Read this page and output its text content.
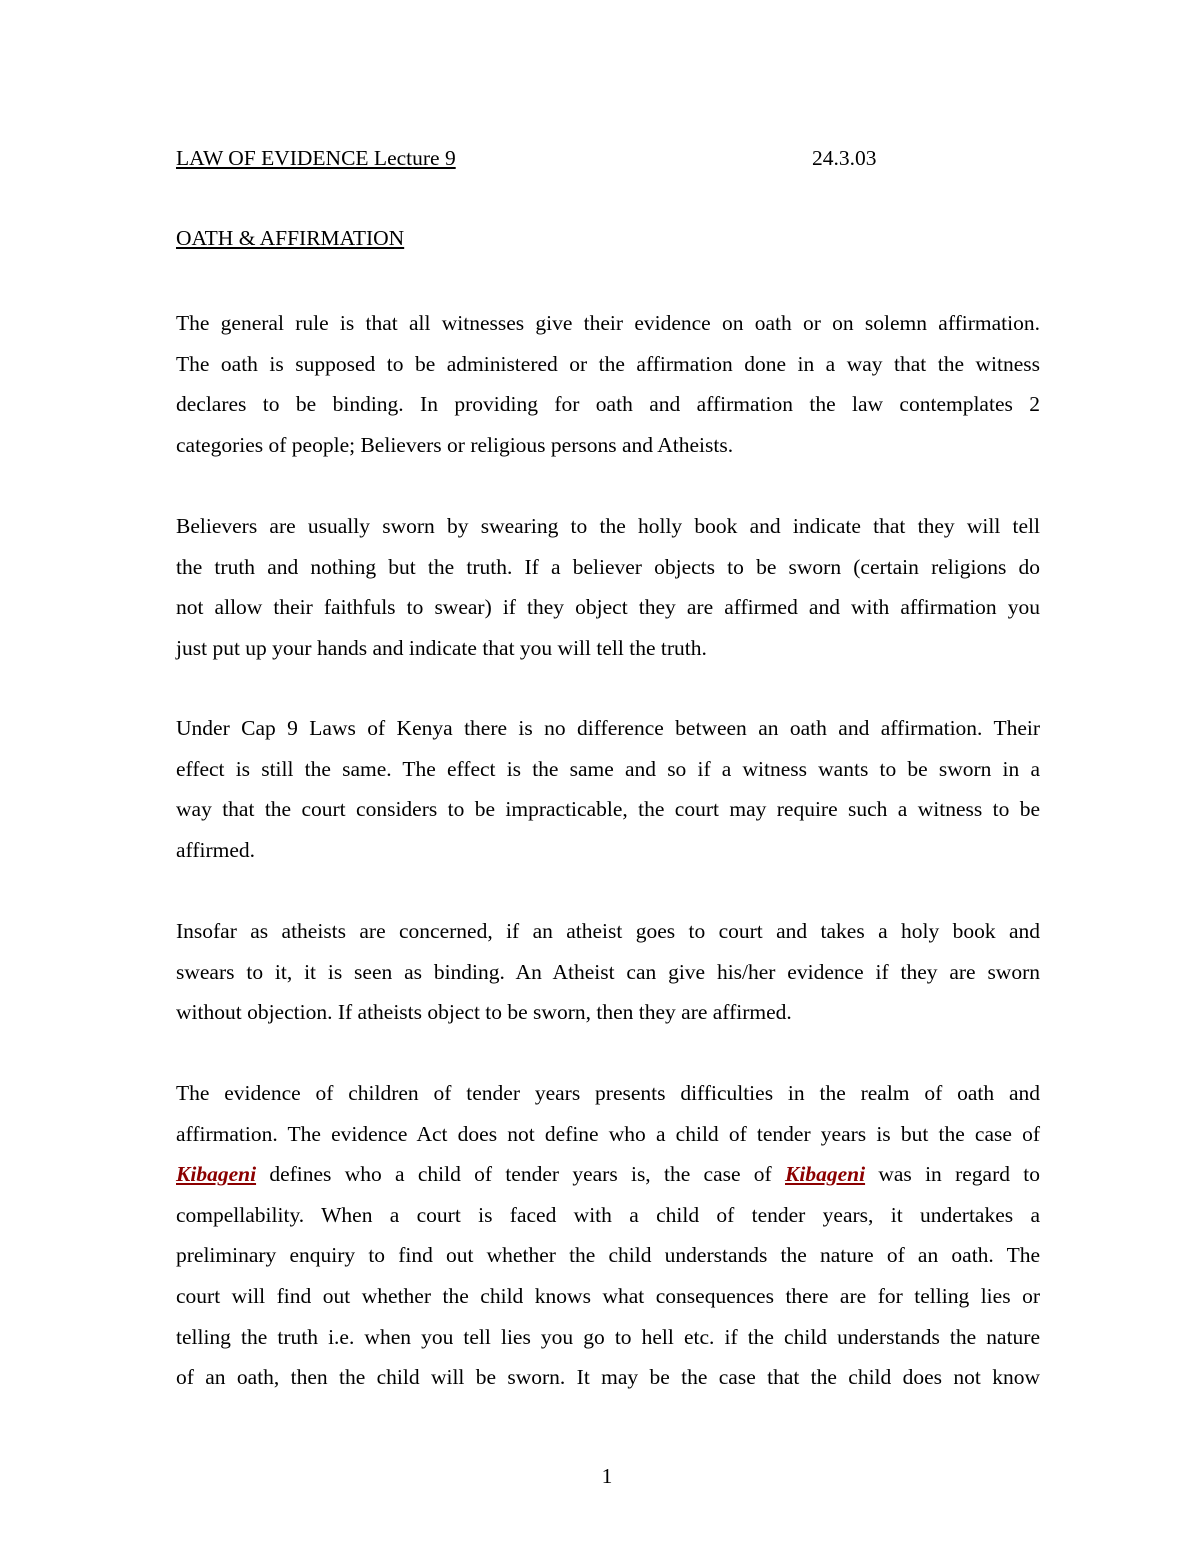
LAW OF EVIDENCE Lecture 9	24.3.03
OATH & AFFIRMATION
The general rule is that all witnesses give their evidence on oath or on solemn affirmation.
The oath is supposed to be administered or the affirmation done in a way that the witness
declares to be binding. In providing for oath and affirmation the law contemplates 2
categories of people; Believers or religious persons and Atheists.
Believers are usually sworn by swearing to the holly book and indicate that they will tell
the truth and nothing but the truth. If a believer objects to be sworn (certain religions do
not allow their faithfuls to swear) if they object they are affirmed and with affirmation you
just put up your hands and indicate that you will tell the truth.
Under Cap 9 Laws of Kenya there is no difference between an oath and affirmation. Their
effect is still the same. The effect is the same and so if a witness wants to be sworn in a
way that the court considers to be impracticable, the court may require such a witness to be
affirmed.
Insofar as atheists are concerned, if an atheist goes to court and takes a holy book and
swears to it, it is seen as binding. An Atheist can give his/her evidence if they are sworn
without objection. If atheists object to be sworn, then they are affirmed.
The evidence of children of tender years presents difficulties in the realm of oath and
affirmation. The evidence Act does not define who a child of tender years is but the case of
Kibageni defines who a child of tender years is, the case of Kibageni was in regard to
compellability. When a court is faced with a child of tender years, it undertakes a
preliminary enquiry to find out whether the child understands the nature of an oath. The
court will find out whether the child knows what consequences there are for telling lies or
telling the truth i.e. when you tell lies you go to hell etc. if the child understands the nature
of an oath, then the child will be sworn. It may be the case that the child does not know
1
